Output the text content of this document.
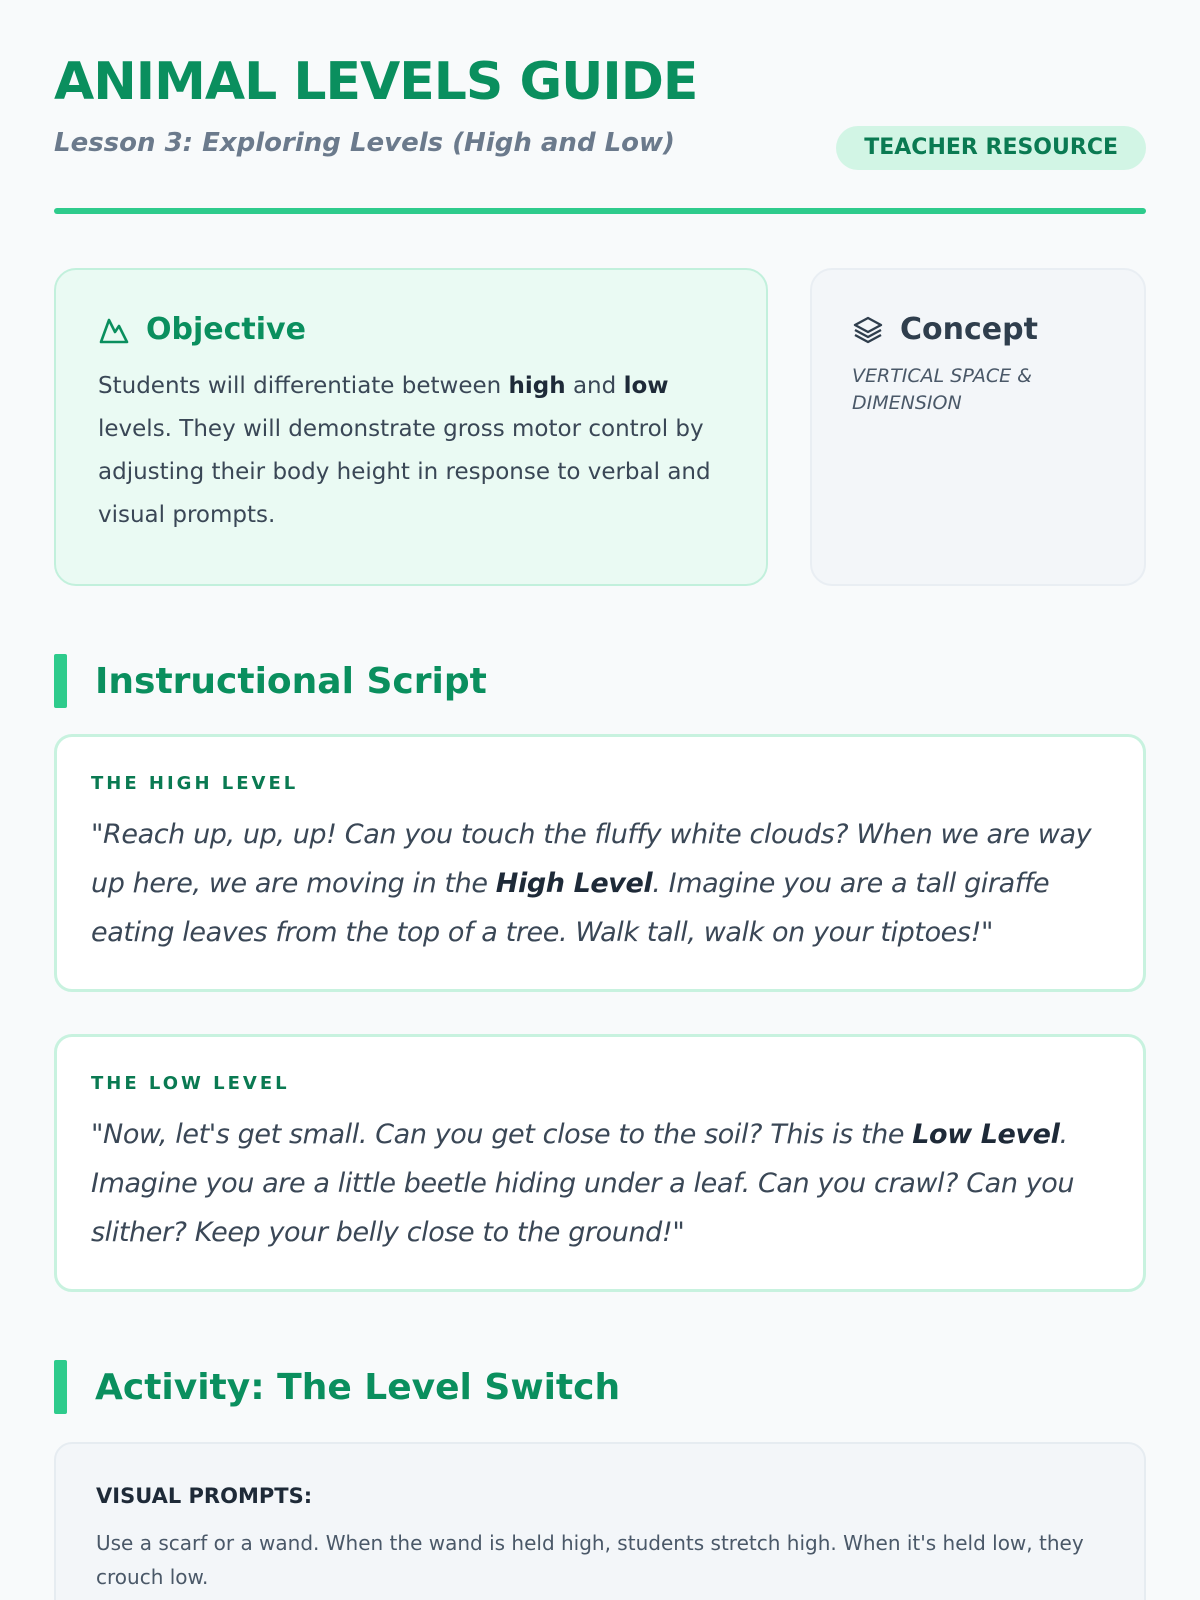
ANIMAL LEVELS GUIDE
Lesson 3: Exploring Levels (High and Low)	TEACHER RESOURCE
Objective

Students will differentiate between high and low levels. They will demonstrate gross motor control by adjusting their body height in response to verbal and visual prompts.

Concept

VERTICAL SPACE & DIMENSION

Instructional Script
THE HIGH LEVEL
"Reach up, up, up! Can you touch the fluffy white clouds? When we are way up here, we are moving in the High Level. Imagine you are a tall giraffe eating leaves from the top of a tree. Walk tall, walk on your tiptoes!"
THE LOW LEVEL
"Now, let's get small. Can you get close to the soil? This is the Low Level. Imagine you are a little beetle hiding under a leaf. Can you crawl? Can you slither? Keep your belly close to the ground!"
Activity: The Level Switch
VISUAL PROMPTS:

Use a scarf or a wand. When the wand is held high, students stretch high. When it's held low, they crouch low.
